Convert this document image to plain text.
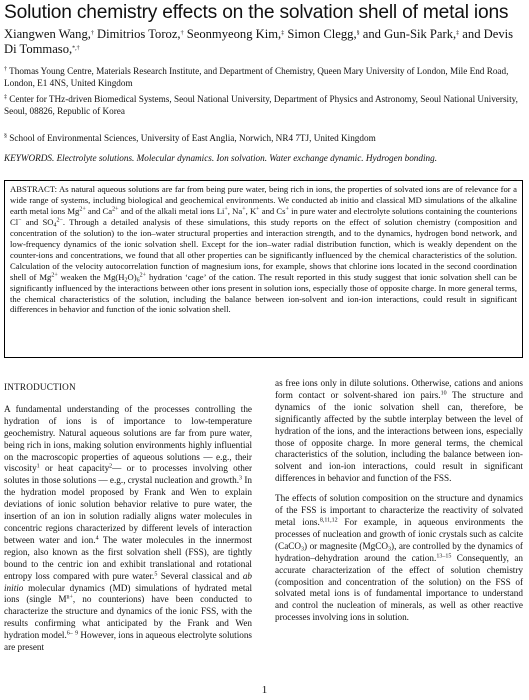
Solution chemistry effects on the solvation shell of metal ions
Xiangwen Wang,† Dimitrios Toroz,† Seonmyeong Kim,‡ Simon Clegg,§ and Gun-Sik Park,‡ and Devis Di Tommaso,*,†
† Thomas Young Centre, Materials Research Institute, and Department of Chemistry, Queen Mary University of London, Mile End Road, London, E1 4NS, United Kingdom
‡ Center for THz-driven Biomedical Systems, Seoul National University, Department of Physics and Astronomy, Seoul National University, Seoul, 08826, Republic of Korea
§ School of Environmental Sciences, University of East Anglia, Norwich, NR4 7TJ, United Kingdom
KEYWORDS. Electrolyte solutions. Molecular dynamics. Ion solvation. Water exchange dynamic. Hydrogen bonding.
ABSTRACT: As natural aqueous solutions are far from being pure water, being rich in ions, the properties of solvated ions are of relevance for a wide range of systems, including biological and geochemical environments. We conducted ab initio and classical MD simulations of the alkaline earth metal ions $Mg^{2+}$ and $Ca^{2+}$ and of the alkali metal ions Li+, Na+, K+ and Cs+ in pure water and electrolyte solutions containing the counterions Cl− and $SO_4^{2-}$. Through a detailed analysis of these simulations, this study reports on the effect of solution chemistry (composition and concentration of the solution) to the ion–water structural properties and interaction strength, and to the dynamics, hydrogen bond network, and low-frequency dynamics of the ionic solvation shell. Except for the ion–water radial distribution function, which is weakly dependent on the counter-ions and concentrations, we found that all other properties can be significantly influenced by the chemical characteristics of the solution. Calculation of the velocity autocorrelation function of magnesium ions, for example, shows that chlorine ions located in the second coordination shell of $Mg^{2+}$ weaken the $Mg(H_2O)_6^{2+}$ hydration ‘cage’ of the cation. The result reported in this study suggest that ionic solvation shell can be significantly influenced by the interactions between other ions present in solution ions, especially those of opposite charge. In more general terms, the chemical characteristics of the solution, including the balance between ion-solvent and ion-ion interactions, could result in significant differences in behavior and function of the ionic solvation shell.
INTRODUCTION

A fundamental understanding of the processes controlling the hydration of ions is of importance to low-temperature geochemistry. Natural aqueous solutions are far from pure water, being rich in ions, making solution environments highly influential on the macroscopic properties of aqueous solutions — e.g., their viscosity$^1$ or heat capacity$^2$— or to processes involving other solutes in those solutions — e.g., crystal nucleation and growth.$^3$ In the hydration model proposed by Frank and Wen to explain deviations of ionic solution behavior relative to pure water, the insertion of an ion in solution radially aligns water molecules in concentric regions characterized by different levels of interaction between water and ion.$^4$ The water molecules in the innermost region, also known as the first solvation shell (FSS), are tightly bound to the centric ion and exhibit translational and rotational entropy loss compared with pure water.$^5$ Several classical and ab initio molecular dynamics (MD) simulations of hydrated metal ions (single $M^{n+}$, no counterions) have been conducted to characterize the structure and dynamics of the ionic FSS, with the results confirming what anticipated by the Frank and Wen hydration model.$^{6-}$ $^9$ However, ions in aqueous electrolyte solutions are present

as free ions only in dilute solutions. Otherwise, cations and anions form contact or solvent-shared ion pairs.$^{10}$ The structure and dynamics of the ionic solvation shell can, therefore, be significantly affected by the subtle interplay between the level of hydration of the ions, and the interactions between ions, especially those of opposite charge. In more general terms, the chemical characteristics of the solution, including the balance between ion-solvent and ion-ion interactions, could result in significant differences in behavior and function of the FSS.

The effects of solution composition on the structure and dynamics of the FSS is important to characterize the reactivity of solvated metal ions.$^{8,11,12}$ For example, in aqueous environments the processes of nucleation and growth of ionic crystals such as calcite (CaCO$_3$) or magnesite (MgCO$_3$), are controlled by the dynamics of hydration–dehydration around the cation.$^{13-15}$ Consequently, an accurate characterization of the effect of solution chemistry (composition and concentration of the solution) on the FSS of solvated metal ions is of fundamental importance to understand and control the nucleation of minerals, as well as other reactive processes involving ions in solution.

1
